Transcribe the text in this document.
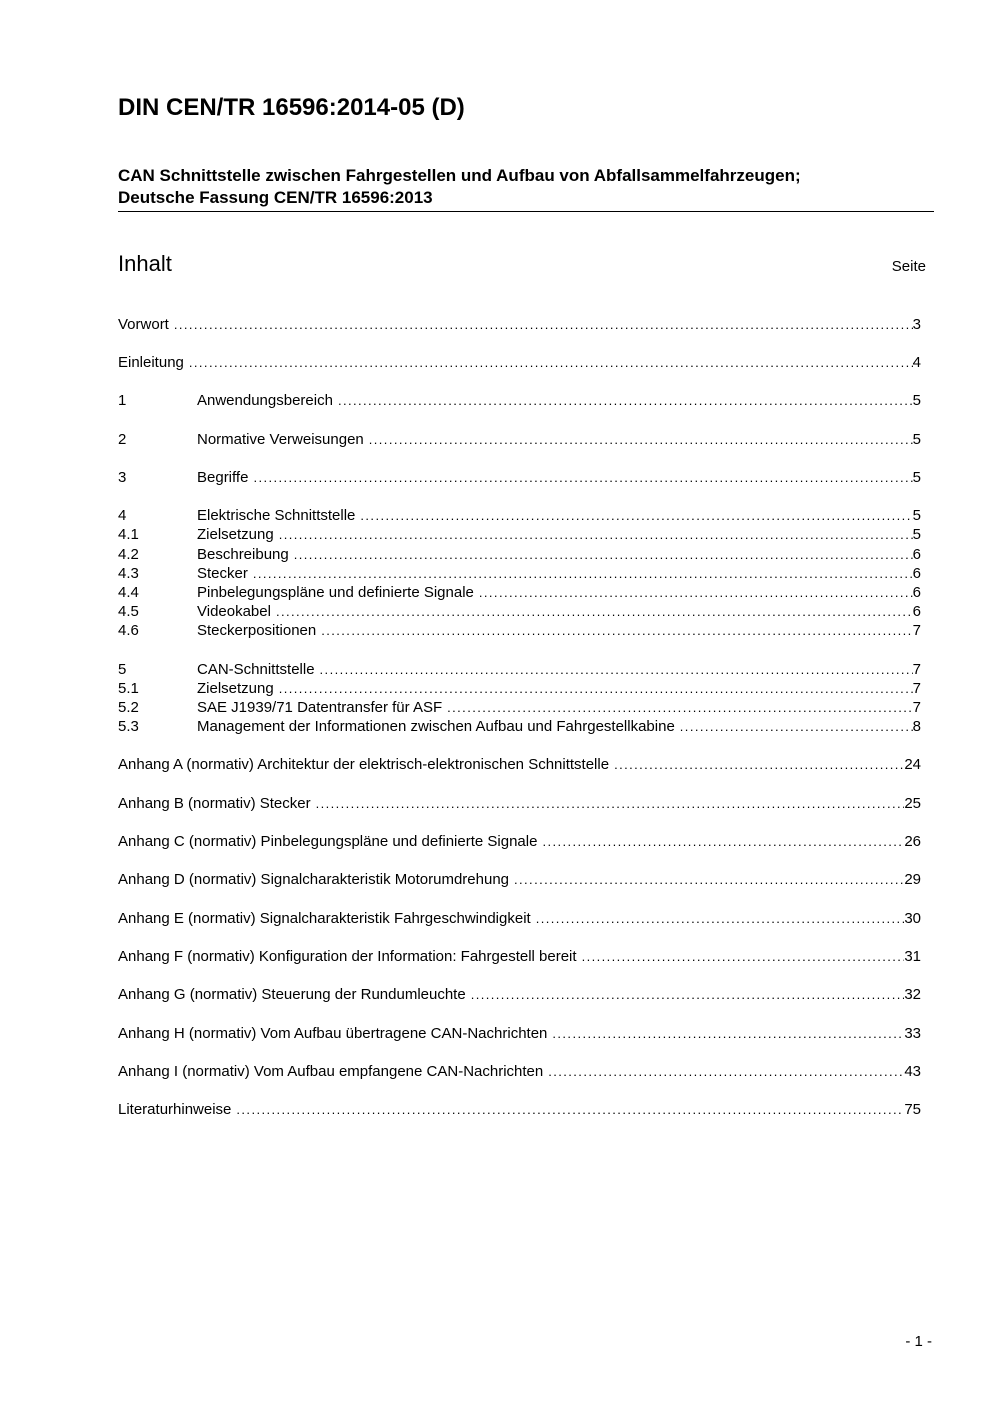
DIN CEN/TR 16596:2014-05 (D)
CAN Schnittstelle zwischen Fahrgestellen und Aufbau von Abfallsammelfahrzeugen;
Deutsche Fassung CEN/TR 16596:2013
Inhalt	Seite
Vorwort .....	3
Einleitung .....	4
1	Anwendungsbereich .....	5
2	Normative Verweisungen .....	5
3	Begriffe .....	5
4	Elektrische Schnittstelle .....	5
4.1	Zielsetzung .....	5
4.2	Beschreibung .....	6
4.3	Stecker .....	6
4.4	Pinbelegungspläne und definierte Signale .....	6
4.5	Videokabel .....	6
4.6	Steckerpositionen .....	7
5	CAN-Schnittstelle .....	7
5.1	Zielsetzung .....	7
5.2	SAE J1939/71 Datentransfer für ASF .....	7
5.3	Management der Informationen zwischen Aufbau und Fahrgestellkabine .....	8
Anhang A (normativ) Architektur der elektrisch-elektronischen Schnittstelle .....	24
Anhang B (normativ) Stecker .....	25
Anhang C (normativ) Pinbelegungspläne und definierte Signale .....	26
Anhang D (normativ) Signalcharakteristik Motorumdrehung .....	29
Anhang E (normativ) Signalcharakteristik Fahrgeschwindigkeit .....	30
Anhang F (normativ) Konfiguration der Information: Fahrgestell bereit .....	31
Anhang G (normativ) Steuerung der Rundumleuchte .....	32
Anhang H (normativ) Vom Aufbau übertragene CAN-Nachrichten .....	33
Anhang I (normativ) Vom Aufbau empfangene CAN-Nachrichten .....	43
Literaturhinweise .....	75
- 1 -
